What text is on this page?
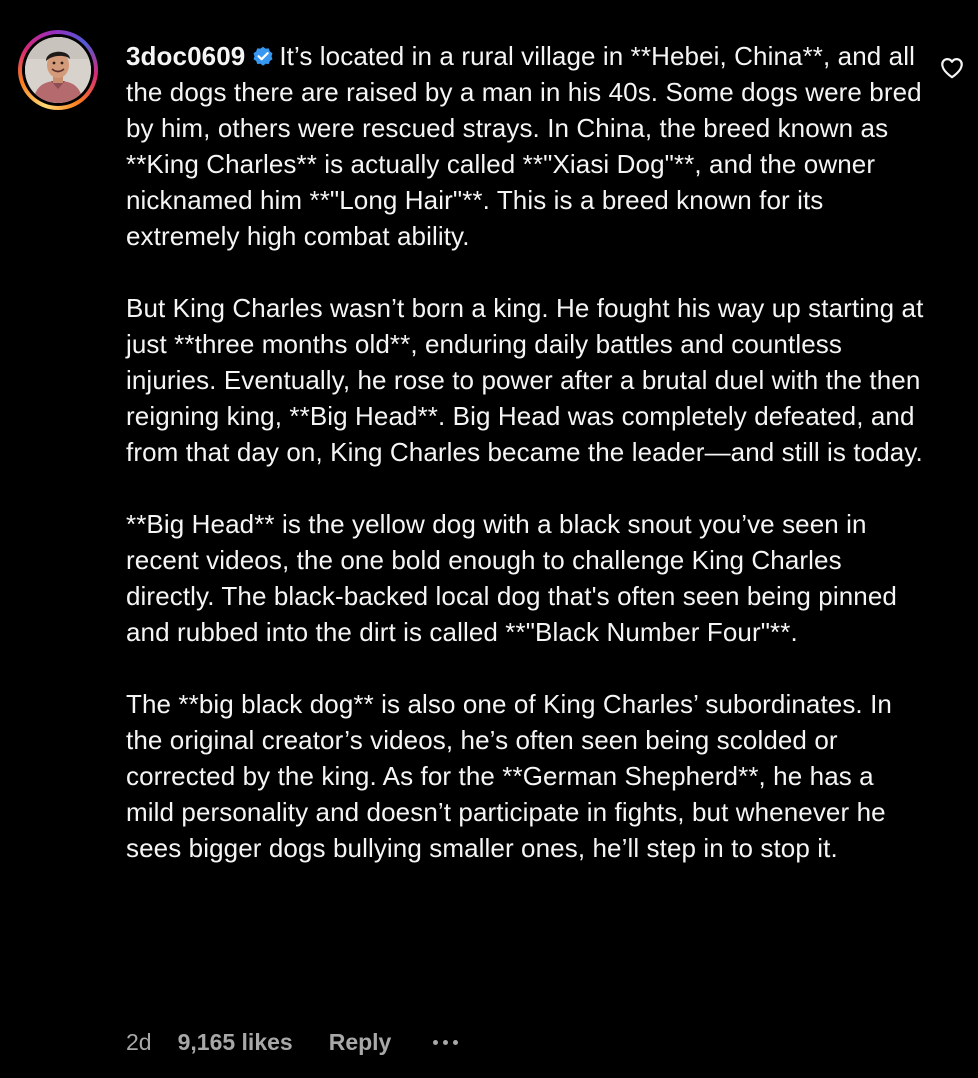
3doc0609 It’s located in a rural village in **Hebei, China**, and all the dogs there are raised by a man in his 40s. Some dogs were bred by him, others were rescued strays. In China, the breed known as **King Charles** is actually called **"Xiasi Dog"**, and the owner nicknamed him **"Long Hair"**. This is a breed known for its extremely high combat ability.

But King Charles wasn’t born a king. He fought his way up starting at just **three months old**, enduring daily battles and countless injuries. Eventually, he rose to power after a brutal duel with the then reigning king, **Big Head**. Big Head was completely defeated, and from that day on, King Charles became the leader—and still is today.

**Big Head** is the yellow dog with a black snout you’ve seen in recent videos, the one bold enough to challenge King Charles directly. The black-backed local dog that's often seen being pinned and rubbed into the dirt is called **"Black Number Four"**.

The **big black dog** is also one of King Charles’ subordinates. In the original creator’s videos, he’s often seen being scolded or corrected by the king. As for the **German Shepherd**, he has a mild personality and doesn’t participate in fights, but whenever he sees bigger dogs bullying smaller ones, he’ll step in to stop it.

2d 9,165 likes Reply
